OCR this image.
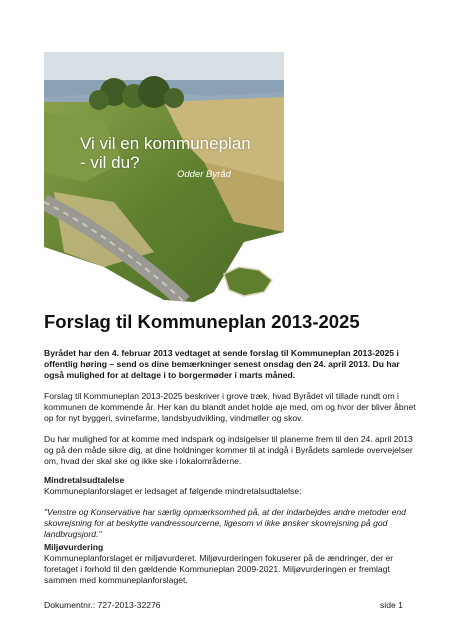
Vi vil en kommuneplan
- vil du?
Odder Byråd
Forslag til Kommuneplan 2013-2025

Byrådet har den 4. februar 2013 vedtaget at sende forslag til Kommuneplan 2013-2025 i offentlig høring – send os dine bemærkninger senest onsdag den 24. april 2013. Du har også mulighed for at deltage i to borgermøder i marts måned.

Forslag til Kommuneplan 2013-2025 beskriver i grove træk, hvad Byrådet vil tillade rundt om i kommunen de kommende år. Her kan du blandt andet holde øje med, om og hvor der bliver åbnet op for nyt byggeri, svinefarme, landsbyudvikling, vindmøller og skov.

Du har mulighed for at komme med indspark og indsigelser til planerne frem til den 24. april 2013 og på den måde sikre dig, at dine holdninger kommer til at indgå i Byrådets samlede overvejelser om, hvad der skal ske og ikke ske i lokalområderne.

Mindretalsudtalelse

Kommuneplanforslaget er ledsaget af følgende mindretalsudtalelse:

"Venstre og Konservative har særlig opmærksomhed på, at der indarbejdes andre metoder end skovrejsning for at beskytte vandressourcerne, ligesom vi ikke ønsker skovrejsning på god landbrugsjord."

Miljøvurdering

Kommuneplanforslaget er miljøvurderet. Miljøvurderingen fokuserer på de ændringer, der er foretaget i forhold til den gældende Kommuneplan 2009-2021. Miljøvurderingen er fremlagt sammen med kommuneplanforslaget.

Dokumentnr.: 727-2013-32276	side 1
